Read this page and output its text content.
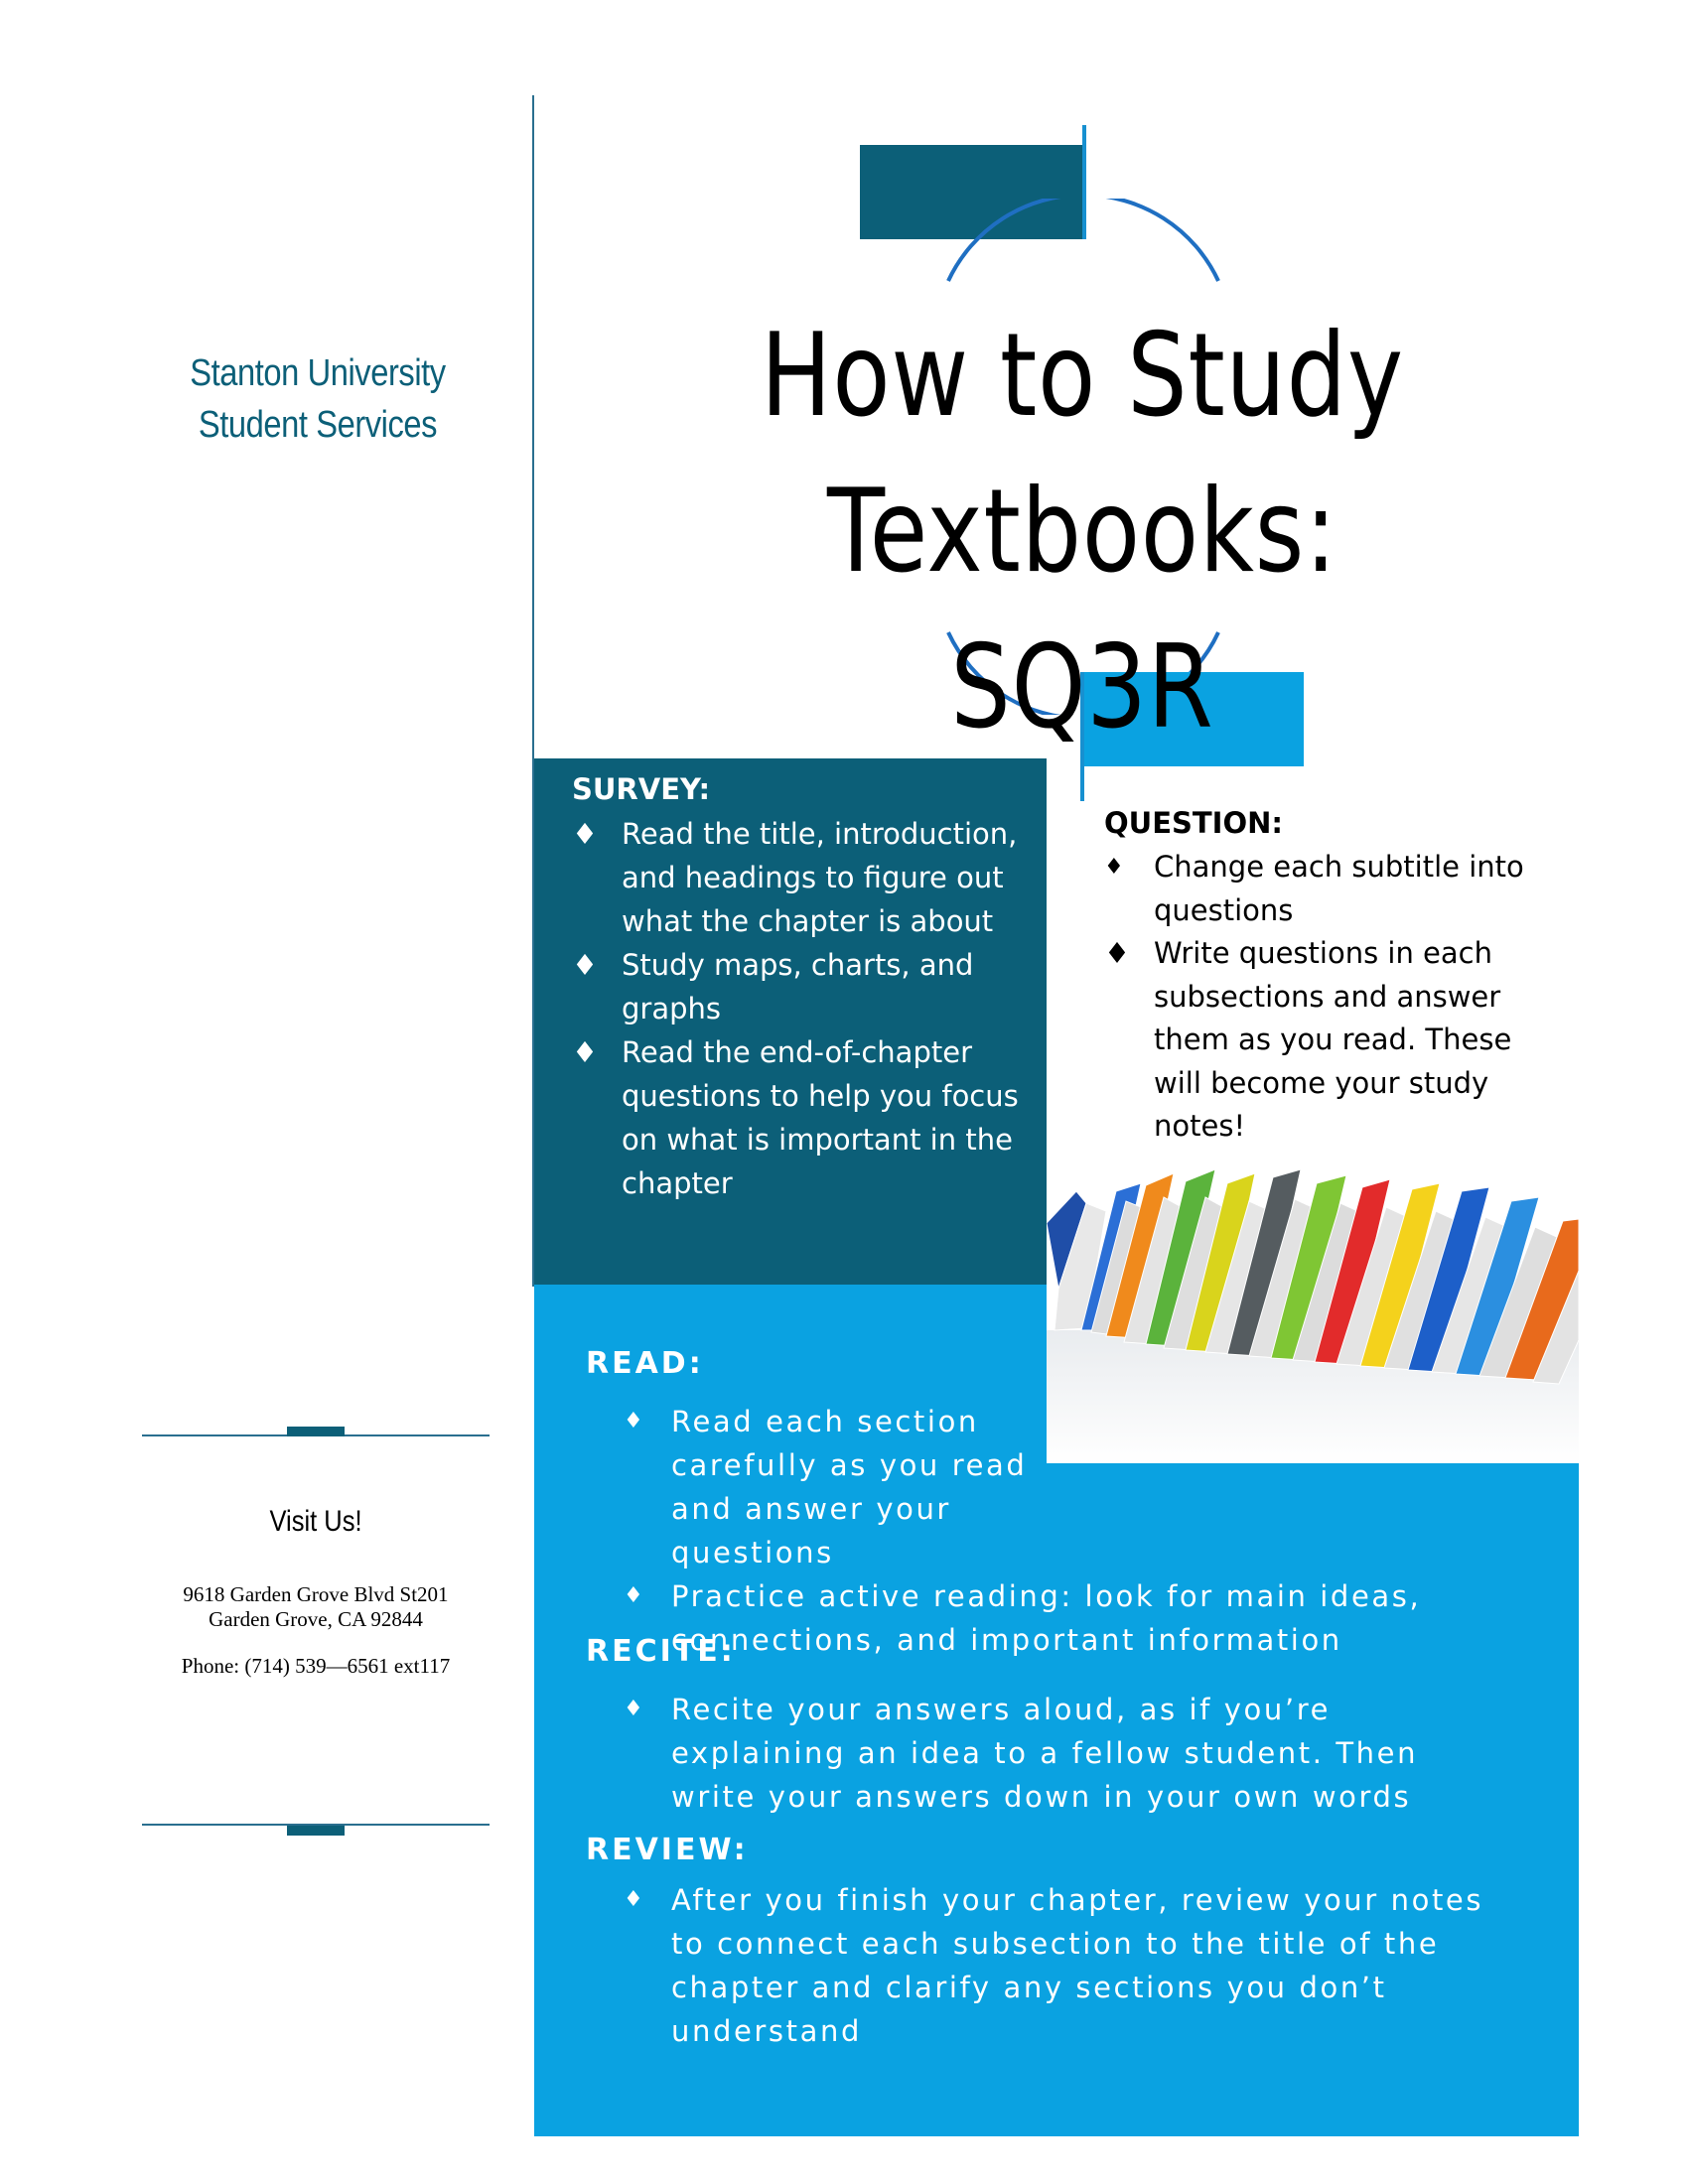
Stanton University
Student Services
Visit Us!
9618 Garden Grove Blvd St201
Garden Grove, CA 92844
Phone: (714) 539—6561 ext117
How to Study
Textbooks: SQ3R
SURVEY:
♦ Read the title, introduction, and headings to figure out what the chapter is about
♦ Study maps, charts, and graphs
♦ Read the end-of-chapter questions to help you focus on what is important in the chapter
QUESTION:
♦ Change each subtitle into questions
♦ Write questions in each subsections and answer them as you read. These will become your study notes!
READ:
♦ Read each section carefully as you read and answer your questions
♦ Practice active reading: look for main ideas, connections, and important information
RECITE:
♦ Recite your answers aloud, as if you’re explaining an idea to a fellow student. Then write your answers down in your own words
REVIEW:
♦ After you finish your chapter, review your notes to connect each subsection to the title of the chapter and clarify any sections you don’t understand
